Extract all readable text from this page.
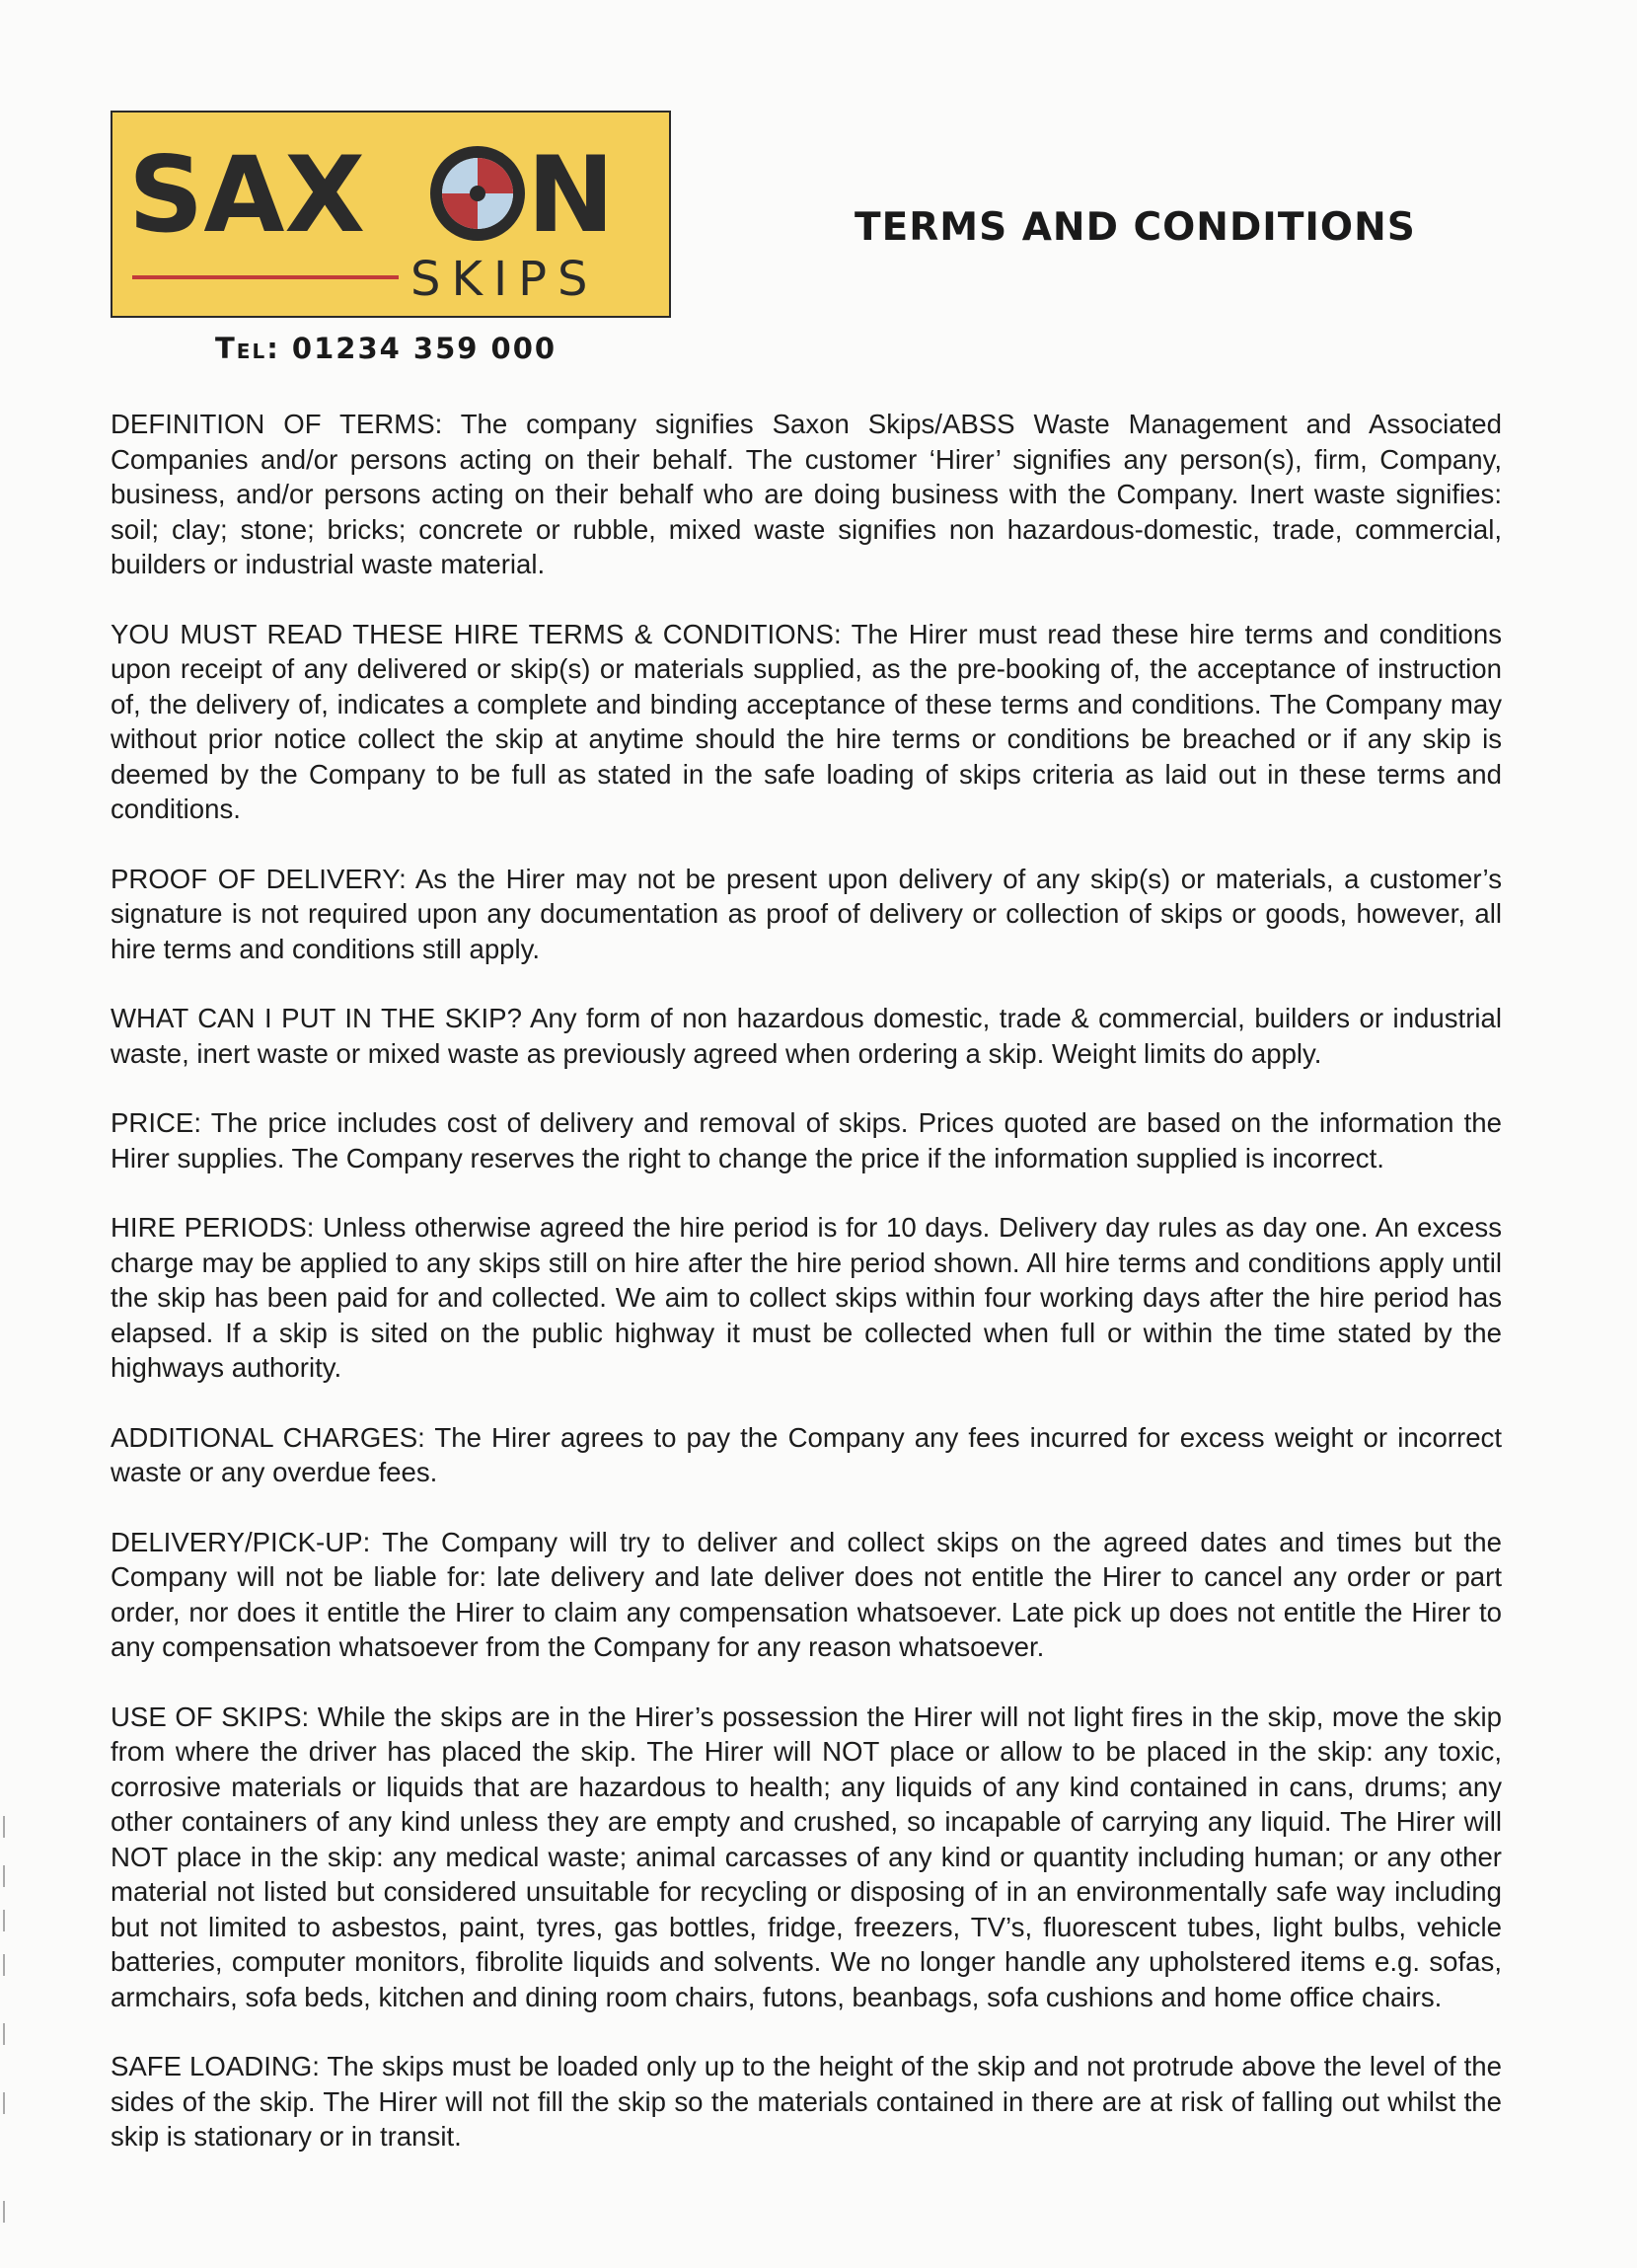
SAX N
SKIPS
Tel: 01234 359 000
TERMS AND CONDITIONS

DEFINITION OF TERMS: The company signifies Saxon Skips/ABSS Waste Management and Associated Companies and/or persons acting on their behalf. The customer ‘Hirer’ signifies any person(s), firm, Company, business, and/or persons acting on their behalf who are doing business with the Company. Inert waste signifies: soil; clay; stone; bricks; concrete or rubble, mixed waste signifies non hazardous-domestic, trade, commercial, builders or industrial waste material.

YOU MUST READ THESE HIRE TERMS & CONDITIONS: The Hirer must read these hire terms and conditions upon receipt of any delivered or skip(s) or materials supplied, as the pre-booking of, the acceptance of instruction of, the delivery of, indicates a complete and binding acceptance of these terms and conditions. The Company may without prior notice collect the skip at anytime should the hire terms or conditions be breached or if any skip is deemed by the Company to be full as stated in the safe loading of skips criteria as laid out in these terms and conditions.

PROOF OF DELIVERY: As the Hirer may not be present upon delivery of any skip(s) or materials, a customer’s signature is not required upon any documentation as proof of delivery or collection of skips or goods, however, all hire terms and conditions still apply.

WHAT CAN I PUT IN THE SKIP? Any form of non hazardous domestic, trade & commercial, builders or industrial waste, inert waste or mixed waste as previously agreed when ordering a skip. Weight limits do apply.

PRICE: The price includes cost of delivery and removal of skips. Prices quoted are based on the information the Hirer supplies. The Company reserves the right to change the price if the information supplied is incorrect.

HIRE PERIODS: Unless otherwise agreed the hire period is for 10 days. Delivery day rules as day one. An excess charge may be applied to any skips still on hire after the hire period shown. All hire terms and conditions apply until the skip has been paid for and collected. We aim to collect skips within four working days after the hire period has elapsed. If a skip is sited on the public highway it must be collected when full or within the time stated by the highways authority.

ADDITIONAL CHARGES: The Hirer agrees to pay the Company any fees incurred for excess weight or incorrect waste or any overdue fees.

DELIVERY/PICK-UP: The Company will try to deliver and collect skips on the agreed dates and times but the Company will not be liable for: late delivery and late deliver does not entitle the Hirer to cancel any order or part order, nor does it entitle the Hirer to claim any compensation whatsoever. Late pick up does not entitle the Hirer to any compensation whatsoever from the Company for any reason whatsoever.

USE OF SKIPS: While the skips are in the Hirer’s possession the Hirer will not light fires in the skip, move the skip from where the driver has placed the skip. The Hirer will NOT place or allow to be placed in the skip: any toxic, corrosive materials or liquids that are hazardous to health; any liquids of any kind contained in cans, drums; any other containers of any kind unless they are empty and crushed, so incapable of carrying any liquid. The Hirer will NOT place in the skip: any medical waste; animal carcasses of any kind or quantity including human; or any other material not listed but considered unsuitable for recycling or disposing of in an environmentally safe way including but not limited to asbestos, paint, tyres, gas bottles, fridge, freezers, TV’s, fluorescent tubes, light bulbs, vehicle batteries, computer monitors, fibrolite liquids and solvents. We no longer handle any upholstered items e.g. sofas, armchairs, sofa beds, kitchen and dining room chairs, futons, beanbags, sofa cushions and home office chairs.

SAFE LOADING: The skips must be loaded only up to the height of the skip and not protrude above the level of the sides of the skip. The Hirer will not fill the skip so the materials contained in there are at risk of falling out whilst the skip is stationary or in transit.
